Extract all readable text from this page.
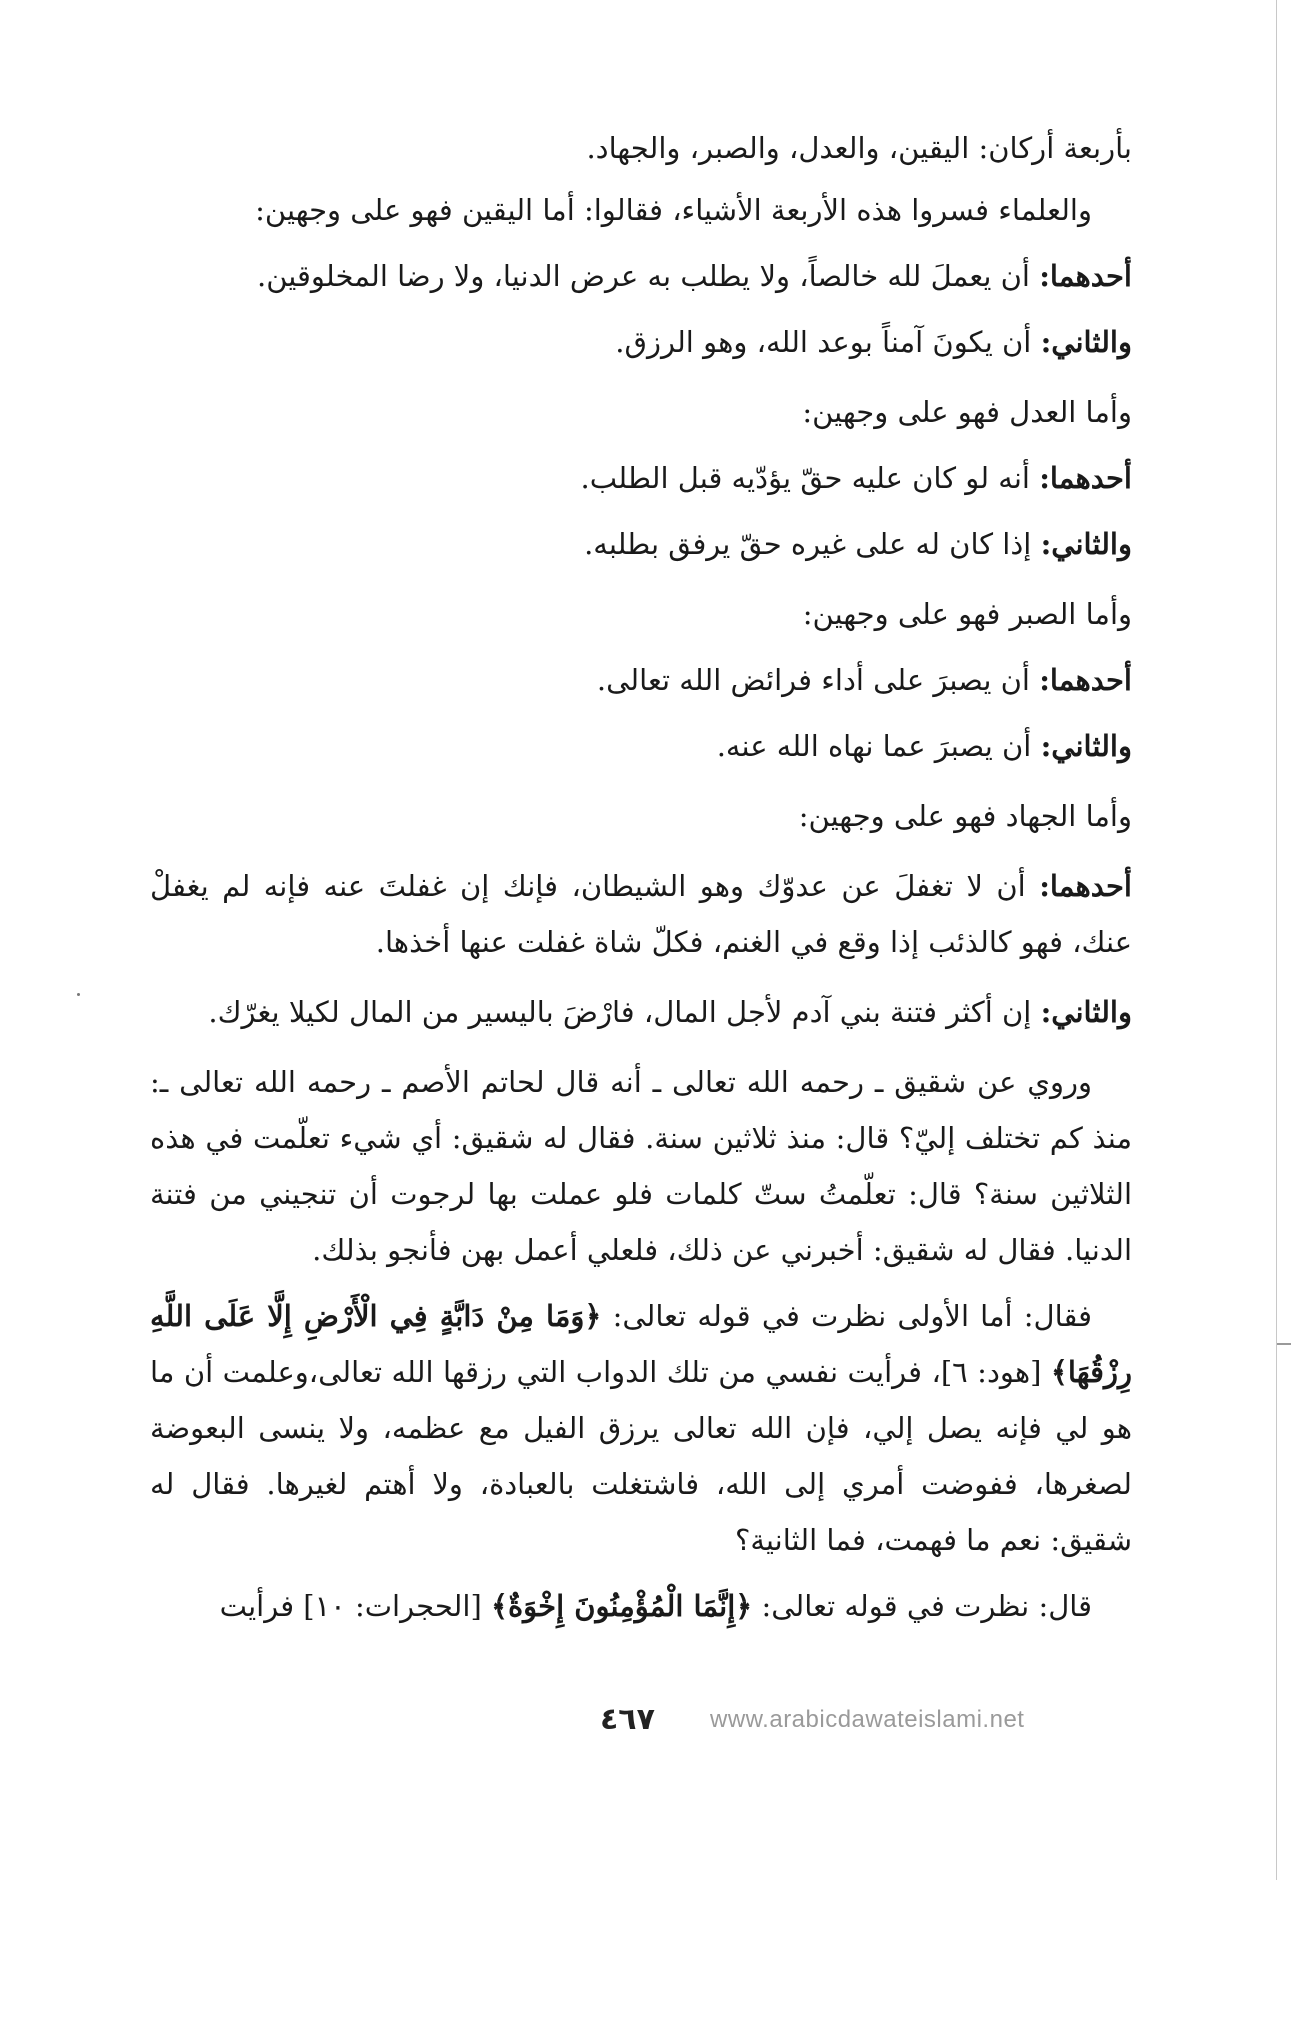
بأربعة أركان: اليقين، والعدل، والصبر، والجهاد.

والعلماء فسروا هذه الأربعة الأشياء، فقالوا: أما اليقين فهو على وجهين:

أحدهما: أن يعملَ لله خالصاً، ولا يطلب به عرض الدنيا، ولا رضا المخلوقين.

والثاني: أن يكونَ آمناً بوعد الله، وهو الرزق.

وأما العدل فهو على وجهين:

أحدهما: أنه لو كان عليه حقّ يؤدّيه قبل الطلب.

والثاني: إذا كان له على غيره حقّ يرفق بطلبه.

وأما الصبر فهو على وجهين:

أحدهما: أن يصبرَ على أداء فرائض الله تعالى.

والثاني: أن يصبرَ عما نهاه الله عنه.

وأما الجهاد فهو على وجهين:

أحدهما: أن لا تغفلَ عن عدوّك وهو الشيطان، فإنك إن غفلتَ عنه فإنه لم يغفلْ عنك، فهو كالذئب إذا وقع في الغنم، فكلّ شاة غفلت عنها أخذها.

والثاني: إن أكثر فتنة بني آدم لأجل المال، فارْضَ باليسير من المال لكيلا يغرّك.

وروي عن شقيق ـ رحمه الله تعالى ـ أنه قال لحاتم الأصم ـ رحمه الله تعالى ـ: منذ كم تختلف إليّ؟ قال: منذ ثلاثين سنة. فقال له شقيق: أي شيء تعلّمت في هذه الثلاثين سنة؟ قال: تعلّمتُ ستّ كلمات فلو عملت بها لرجوت أن تنجيني من فتنة الدنيا. فقال له شقيق: أخبرني عن ذلك، فلعلي أعمل بهن فأنجو بذلك.

فقال: أما الأولى نظرت في قوله تعالى: ﴿وَمَا مِنْ دَابَّةٍ فِي الْأَرْضِ إِلَّا عَلَى اللَّهِ رِزْقُهَا﴾ [هود: ٦]، فرأيت نفسي من تلك الدواب التي رزقها الله تعالى،وعلمت أن ما هو لي فإنه يصل إلي، فإن الله تعالى يرزق الفيل مع عظمه، ولا ينسى البعوضة لصغرها، ففوضت أمري إلى الله، فاشتغلت بالعبادة، ولا أهتم لغيرها. فقال له شقيق: نعم ما فهمت، فما الثانية؟

قال: نظرت في قوله تعالى: ﴿إِنَّمَا الْمُؤْمِنُونَ إِخْوَةٌ﴾ [الحجرات: ١٠] فرأيت

٤٦٧ www.arabicdawateislami.net
